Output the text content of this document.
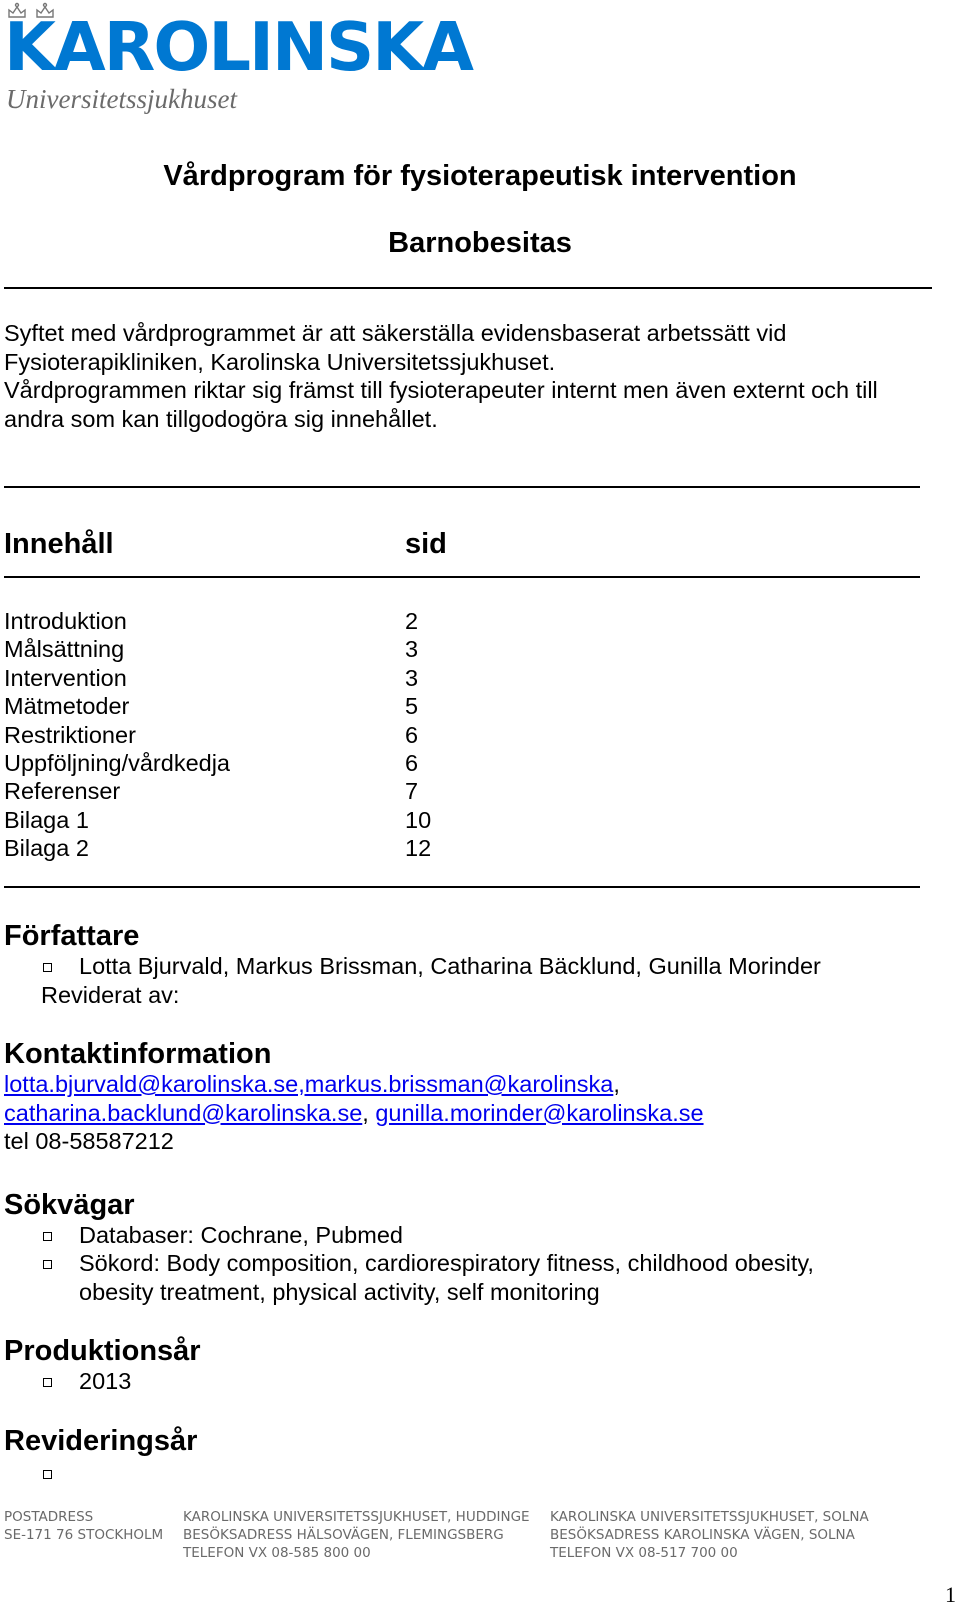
KAROLINSKA
Universitetssjukhuset
Vårdprogram för fysioterapeutisk intervention
Barnobesitas
Syftet med vårdprogrammet är att säkerställa evidensbaserat arbetssätt vid
Fysioterapikliniken, Karolinska Universitetssjukhuset.
Vårdprogrammen riktar sig främst till fysioterapeuter internt men även externt och till
andra som kan tillgodogöra sig innehållet.
Innehåll	sid
Introduktion	2
Målsättning	3
Intervention	3
Mätmetoder	5
Restriktioner	6
Uppföljning/vårdkedja	6
Referenser	7
Bilaga 1	10
Bilaga 2	12
Författare
Lotta Bjurvald, Markus Brissman, Catharina Bäcklund, Gunilla Morinder
Reviderat av:
Kontaktinformation
lotta.bjurvald@karolinska.se,markus.brissman@karolinska,
catharina.backlund@karolinska.se, gunilla.morinder@karolinska.se
tel 08-58587212
Sökvägar
Databaser: Cochrane, Pubmed
Sökord: Body composition, cardiorespiratory fitness, childhood obesity,
obesity treatment, physical activity, self monitoring
Produktionsår
2013
Revideringsår
POSTADRESS
SE-171 76 STOCKHOLM
KAROLINSKA UNIVERSITETSSJUKHUSET, HUDDINGE
BESÖKSADRESS HÄLSOVÄGEN, FLEMINGSBERG
TELEFON VX 08-585 800 00
KAROLINSKA UNIVERSITETSSJUKHUSET, SOLNA
BESÖKSADRESS KAROLINSKA VÄGEN, SOLNA
TELEFON VX 08-517 700 00
1
